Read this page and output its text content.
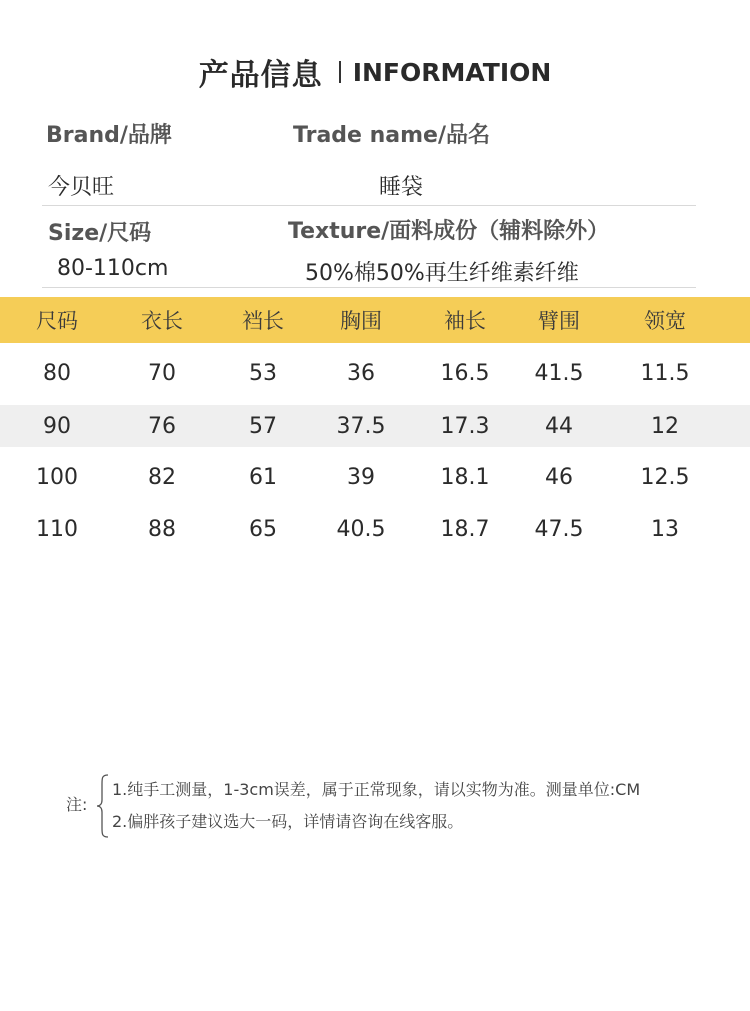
产品信息 INFORMATION
Brand/品牌	Trade name/品名
今贝旺	睡袋
Size/尺码	Texture/面料成份（辅料除外）
80-110cm	50%棉50%再生纤维素纤维
尺码	衣长	裆长	胸围	袖长	臂围	领宽
80	70	53	36	16.5	41.5	11.5
90	76	57	37.5	17.3	44	12
100	82	61	39	18.1	46	12.5
110	88	65	40.5	18.7	47.5	13
注:
1.纯手工测量，1-3cm误差，属于正常现象，请以实物为准。测量单位:CM
2.偏胖孩子建议选大一码，详情请咨询在线客服。
